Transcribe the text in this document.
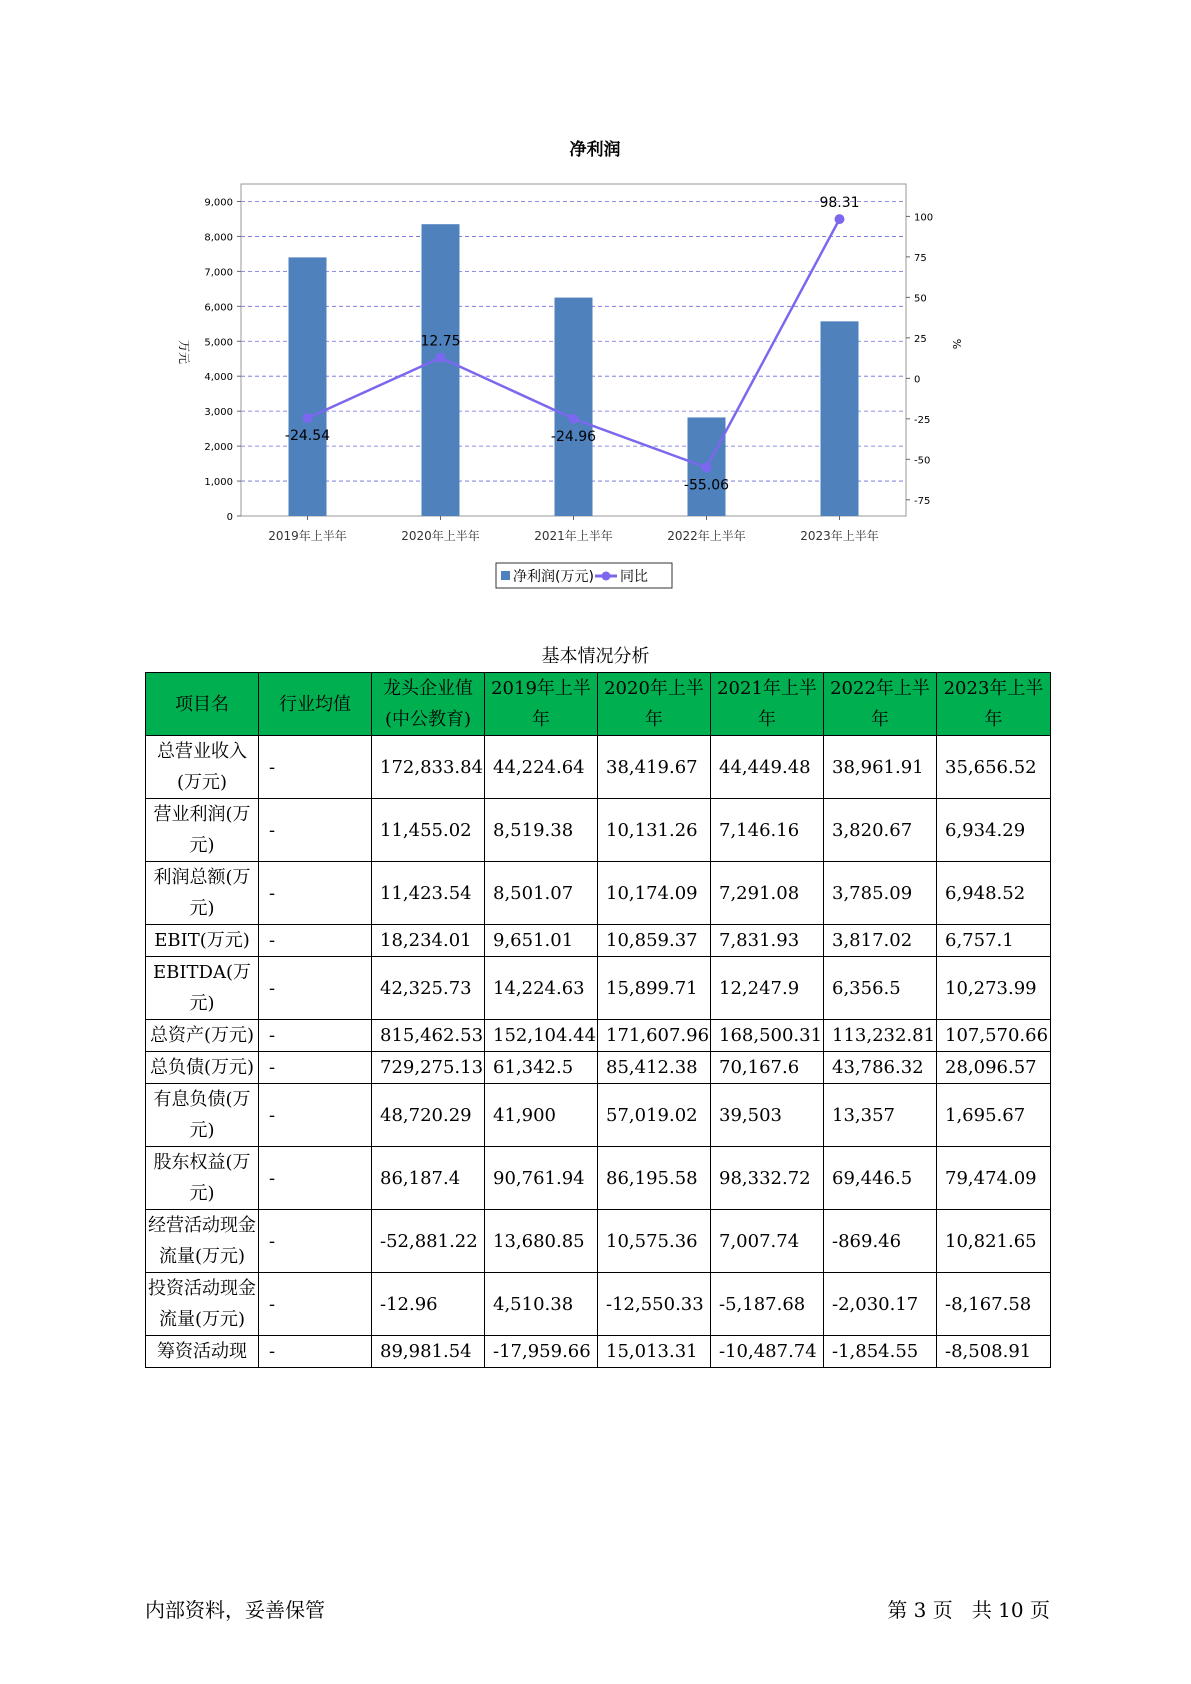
净利润
0
1,000
2,000
3,000
4,000
5,000
6,000
7,000
8,000
9,000
-75
-50
-25
0
25
50
75
100
-24.54
12.75
-24.96
-55.06
98.31
2019年上半年	2020年上半年	2021年上半年	2022年上半年	2023年上半年
万元	%
净利润(万元) 同比
基本情况分析
项目名	行业均值	龙头企业值(中公教育)	2019年上半年	2020年上半年	2021年上半年	2022年上半年	2023年上半年
总营业收入(万元)	-	172,833.84	44,224.64	38,419.67	44,449.48	38,961.91	35,656.52
营业利润(万元)	-	11,455.02	8,519.38	10,131.26	7,146.16	3,820.67	6,934.29
利润总额(万元)	-	11,423.54	8,501.07	10,174.09	7,291.08	3,785.09	6,948.52
EBIT(万元)	-	18,234.01	9,651.01	10,859.37	7,831.93	3,817.02	6,757.1
EBITDA(万元)	-	42,325.73	14,224.63	15,899.71	12,247.9	6,356.5	10,273.99
总资产(万元)	-	815,462.53	152,104.44	171,607.96	168,500.31	113,232.81	107,570.66
总负债(万元)	-	729,275.13	61,342.5	85,412.38	70,167.6	43,786.32	28,096.57
有息负债(万元)	-	48,720.29	41,900	57,019.02	39,503	13,357	1,695.67
股东权益(万元)	-	86,187.4	90,761.94	86,195.58	98,332.72	69,446.5	79,474.09
经营活动现金流量(万元)	-	-52,881.22	13,680.85	10,575.36	7,007.74	-869.46	10,821.65
投资活动现金流量(万元)	-	-12.96	4,510.38	-12,550.33	-5,187.68	-2,030.17	-8,167.58
筹资活动现	-	89,981.54	-17,959.66	15,013.31	-10,487.74	-1,854.55	-8,508.91
内部资料，妥善保管	第 3 页   共 10 页
